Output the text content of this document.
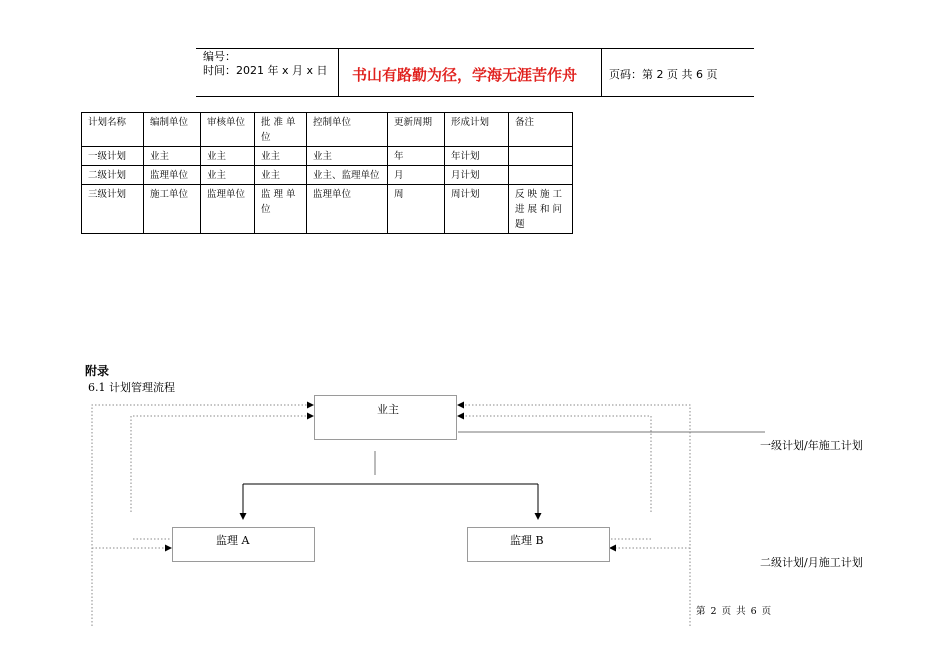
编号：
时间：2021 年 x 月 x 日 书山有路勤为径，学海无涯苦作舟	页码：第 2 页 共 6 页
计划名称	编制单位	审核单位	批 准 单 位	控制单位	更新周期	形成计划	备注
一级计划	业主	业主	业主	业主	年	年计划	
二级计划	监理单位	业主	业主	业主、监理单位	月	月计划	
三级计划	施工单位	监理单位	监 理 单 位	监理单位	周	周计划	反映施工进展和问题
附录
6.1 计划管理流程
业主
监理 A	监理 B
一级计划/年施工计划
二级计划/月施工计划
第 2 页 共 6 页
